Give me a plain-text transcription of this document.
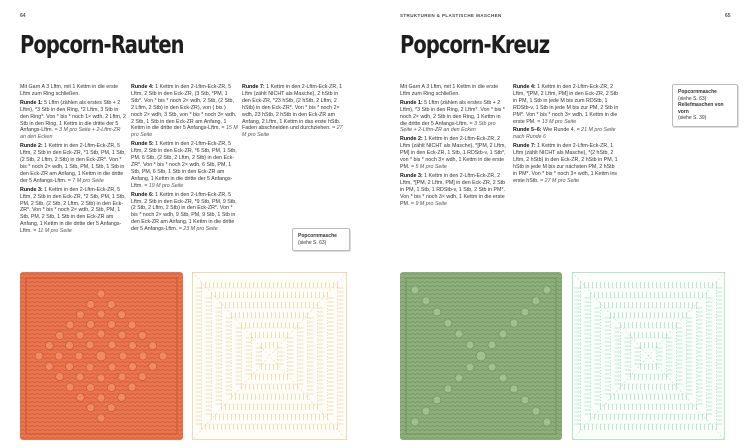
64
Popcorn-Rauten

Mit Garn A 3 Lftm, mit 1 Kettm in die erste Lftm zum Ring schließen.

Runde 1: 5 Lftm (zählen als erstes Stb + 2 Lftm), *3 Stb in den Ring, *2 Lftm, 3 Stb in den Ring*. Von * bis * noch 1× wdh, 2 Lftm, 2 Stb in den Ring, 1 Kettm in die dritte der 5 Anfangs-Lftm. = 3 M pro Seite + 2-Lftm-ZR an den Ecken

Runde 2: 1 Kettm in den 2-Lftm-Eck-ZR, 5 Lftm, 2 Stb in den Eck-ZR, *1 Stb, PM, 1 Stb, (2 Stb, 2 Lftm, 2 Stb) in den Eck-ZR*. Von * bis * noch 2× wdh, 1 Stb, PM, 1 Stb, 1 Stb in den Eck-ZR am Anfang, 1 Kettm in die dritte der 5 Anfangs-Lftm. = 7 M pro Seite

Runde 3: 1 Kettm in den 2-Lftm-Eck-ZR, 5 Lftm, 2 Stb in den Eck-ZR, *2 Stb, PM, 1 Stb, PM, 2 Stb, (2 Stb, 2 Lftm, 2 Stb) in den Eck-ZR*. Von * bis * noch 2× wdh, 2 Stb, PM, 1 Stb, PM, 2 Stb, 1 Stb in den Eck-ZR am Anfang, 1 Kettm in die dritte der 5 Anfangs-Lftm. = 11 M pro Seite

Runde 4: 1 Kettm in den 2-Lftm-Eck-ZR, 5 Lftm, 2 Stb in den Eck-ZR, (3 Stb, *PM, 1 Stb*. Von * bis * noch 2× wdh, 2 Stb, (2 Stb, 2 Lftm, 2 Stb) in den Eck-ZR), von ( bis ) noch 2× wdh, 3 Stb, von * bis * noch 3× wdh, 2 Stb, 1 Stb in den Eck-ZR am Anfang, 1 Kettm in die dritte der 5 Anfangs-Lftm. = 15 M pro Seite

Runde 5: 1 Kettm in den 2-Lftm-Eck-ZR, 5 Lftm, 2 Stb in den Eck-ZR, *6 Stb, PM, 1 Stb, PM, 6 Stb, (2 Stb, 2 Lftm, 2 Stb) in den Eck-ZR*. Von * bis * noch 2× wdh, 6 Stb, PM, 1 Stb, PM, 6 Stb, 1 Stb in den Eck-ZR am Anfang, 1 Kettm in die dritte der 5 Anfangs-Lftm. = 19 M pro Seite

Runde 6: 1 Kettm in den 2-Lftm-Eck-ZR, 5 Lftm, 2 Stb in den Eck-ZR, *9 Stb, PM, 9 Stb, (2 Stb, 2 Lftm, 2 Stb) in den Eck-ZR*. Von * bis * noch 2× wdh, 9 Stb, PM, 9 Stb, 1 Stb in den Eck-ZR am Anfang, 1 Kettm in die dritte der 5 Anfangs-Lftm. = 23 M pro Seite

Runde 7: 1 Kettm in den 2-Lftm-Eck-ZR, 1 Lftm (zählt NICHT als Masche), 2 hStb in den Eck-ZR, *23 hStb, (2 hStb, 2 Lftm, 2 hStb) in den Eck-ZR*. Von * bis * noch 2× wdh, 23 hStb, 2 hStb in den Eck-ZR am Anfang, 2 Lftm, 1 Kettm in das erste hStb. Faden abschneiden und durchziehen. = 27 M pro Seite

Popcornmasche
(siehe S. 63)
STRUKTUREN & PLASTISCHE MASCHEN	65
Popcorn-Kreuz

Mit Garn A 3 Lftm, mit 1 Kettm in die erste Lftm zum Ring schließen.

Runde 1: 5 Lftm (zählen als erstes Stb + 2 Lftm), *3 Stb in den Ring, 2 Lftm*. Von * bis * noch 2× wdh, 2 Stb in den Ring, 1 Kettm in die dritte der 5 Anfangs-Lftm. = 3 Stb pro Seite + 2-Lftm-ZR an den Ecken

Runde 2: 1 Kettm in den 2-Lftm-Eck-ZR, 2 Lftm (zählt NICHT als Masche), *[PM, 2 Lftm, PM] in den Eck-ZR, 1 Stb, 1 RDStb-v, 1 Stb*, von * bis * noch 3× wdh, 1 Kettm in die erste PM. = 5 M pro Seite

Runde 3: 1 Kettm in den 2-Lftm-Eck-ZR, 2 Lftm, *[PM, 2 Lftm, PM] in den Eck-ZR, 2 Stb in PM, 1 Stb, 1 RDStb-v, 1 Stb, 2 Stb in PM*. Von * bis * noch 3× wdh, 1 Kettm in die erste PM. = 9 M pro Seite

Runde 4: 1 Kettm in den 2-Lftm-Eck-ZR, 2 Lftm, *[PM, 2 Lftm, PM] in den Eck-ZR, 2 Stb in PM, 1 Stb in jede M bis zum RDStb, 1 RDStb-v, 1 Stb in jede M bis zur PM, 2 Stb in PM*. Von * bis * noch 3× wdh, 1 Kettm in die erste PM. = 13 M pro Seite

Runde 5–6: Wie Runde 4. = 21 M pro Seite nach Runde 6

Runde 7: 1 Kettm in den 2-Lftm-Eck-ZR, 1 Lftm (zählt NICHT als Masche), *(2 hStb, 2 Lftm, 2 hStb) in den Eck-ZR, 2 hStb in PM, 1 hStb in jede M bis zur nächsten PM, 2 hStb in PM*. Von * bis * noch 3× wdh, 1 Kettm ins erste hStb. = 27 M pro Seite

Popcornmasche
(siehe S. 63)
Reliefmaschen von vorn
(siehe S. 39)
